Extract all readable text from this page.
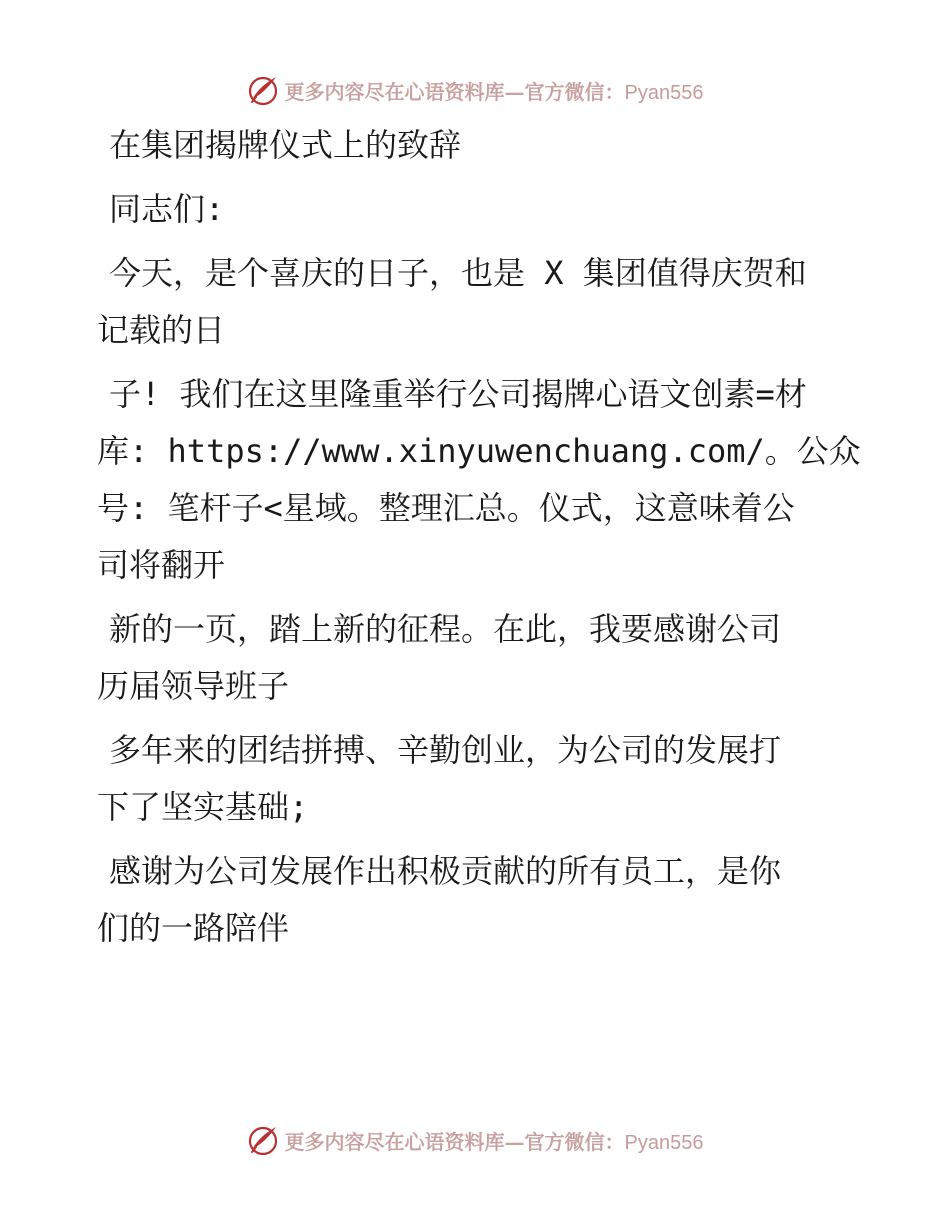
更多内容尽在心语资料库—官方微信：Pyan556
在集团揭牌仪式上的致辞
同志们:
今天，是个喜庆的日子，也是 X 集团值得庆贺和
记载的日
子! 我们在这里隆重举行公司揭牌心语文创素=材
库: https://www.xinyuwenchuang.com/。公众
号: 笔杆子<星域。整理汇总。仪式，这意味着公
司将翻开
新的一页，踏上新的征程。在此，我要感谢公司
历届领导班子
多年来的团结拼搏、辛勤创业，为公司的发展打
下了坚实基础;
感谢为公司发展作出积极贡献的所有员工，是你
们的一路陪伴
更多内容尽在心语资料库—官方微信：Pyan556
